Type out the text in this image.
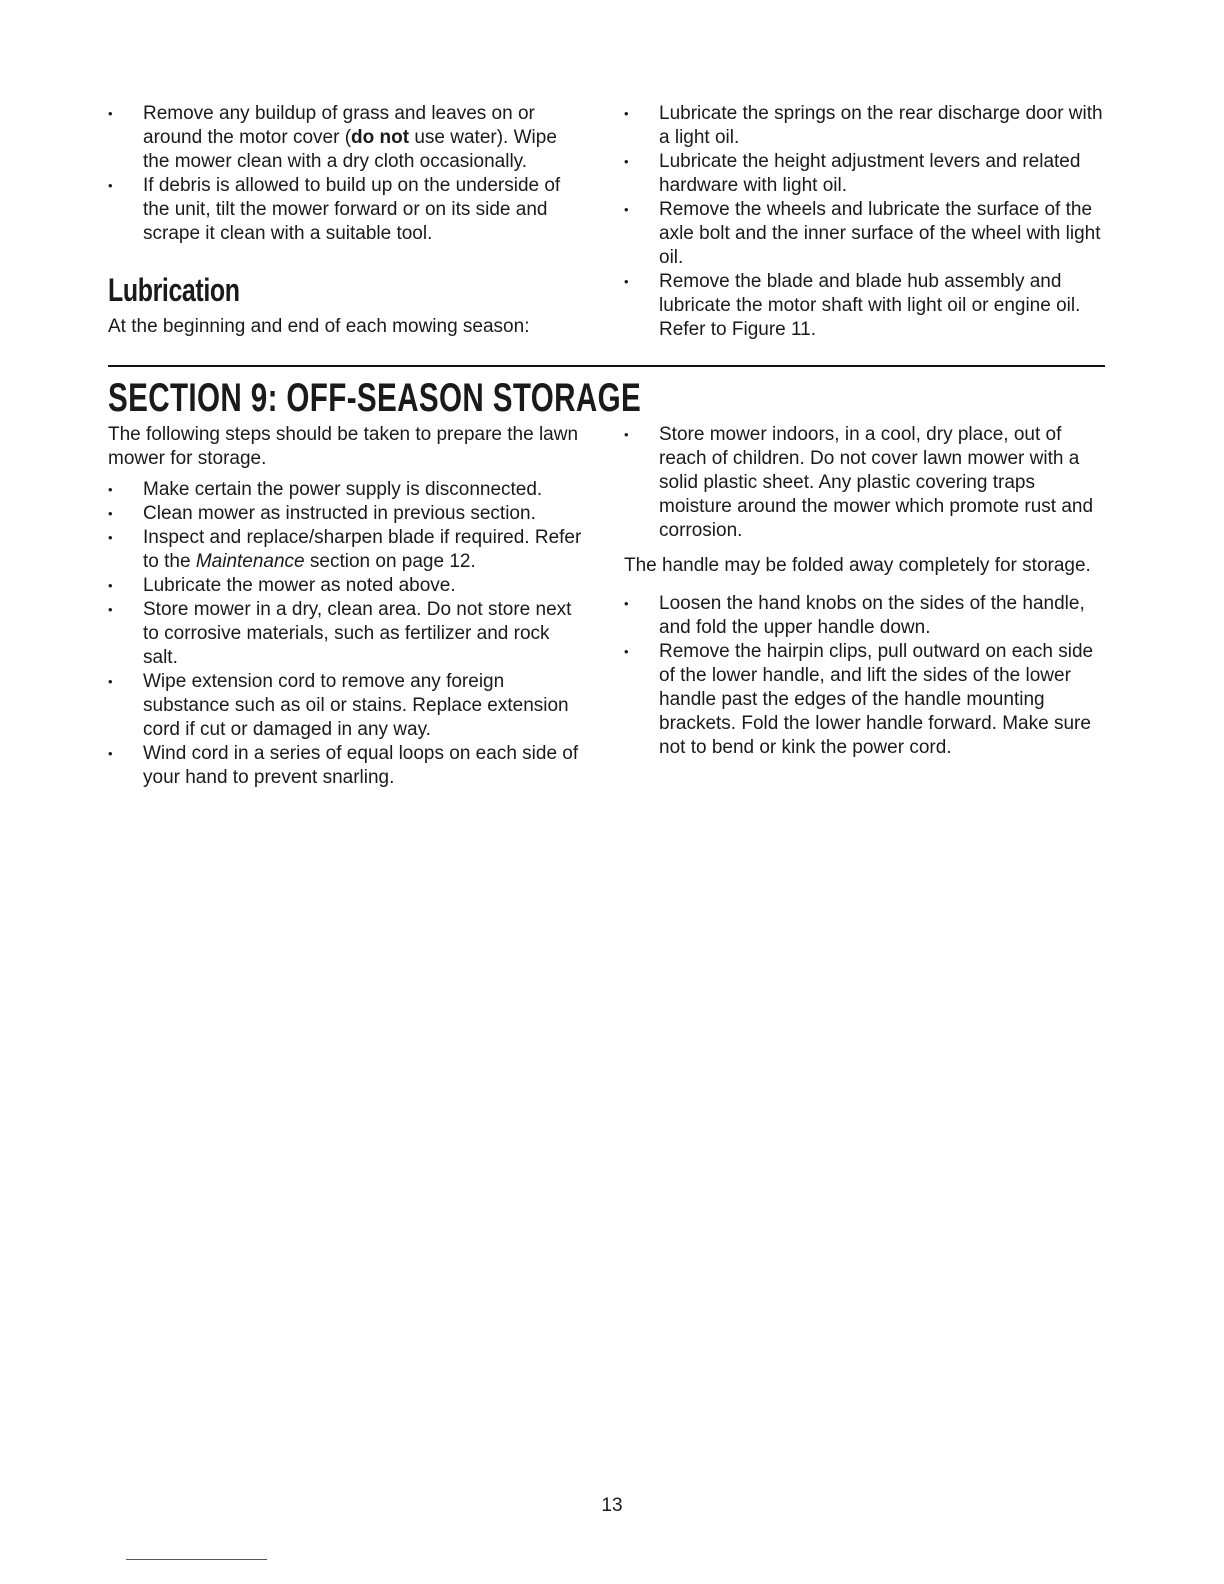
• Remove any buildup of grass and leaves on or around the motor cover (do not use water). Wipe the mower clean with a dry cloth occasionally.
• If debris is allowed to build up on the underside of the unit, tilt the mower forward or on its side and scrape it clean with a suitable tool.
Lubrication

At the beginning and end of each mowing season:

• Lubricate the springs on the rear discharge door with a light oil.
• Lubricate the height adjustment levers and related hardware with light oil.
• Remove the wheels and lubricate the surface of the axle bolt and the inner surface of the wheel with light oil.
• Remove the blade and blade hub assembly and lubricate the motor shaft with light oil or engine oil. Refer to Figure 11.
SECTION 9: OFF-SEASON STORAGE

The following steps should be taken to prepare the lawn mower for storage.

• Make certain the power supply is disconnected.
• Clean mower as instructed in previous section.
• Inspect and replace/sharpen blade if required. Refer to the Maintenance section on page 12.
• Lubricate the mower as noted above.
• Store mower in a dry, clean area. Do not store next to corrosive materials, such as fertilizer and rock salt.
• Wipe extension cord to remove any foreign substance such as oil or stains. Replace extension cord if cut or damaged in any way.
• Wind cord in a series of equal loops on each side of your hand to prevent snarling.
• Store mower indoors, in a cool, dry place, out of reach of children. Do not cover lawn mower with a solid plastic sheet. Any plastic covering traps moisture around the mower which promote rust and corrosion.

The handle may be folded away completely for storage.

• Loosen the hand knobs on the sides of the handle, and fold the upper handle down.
• Remove the hairpin clips, pull outward on each side of the lower handle, and lift the sides of the lower handle past the edges of the handle mounting brackets. Fold the lower handle forward. Make sure not to bend or kink the power cord.
13
